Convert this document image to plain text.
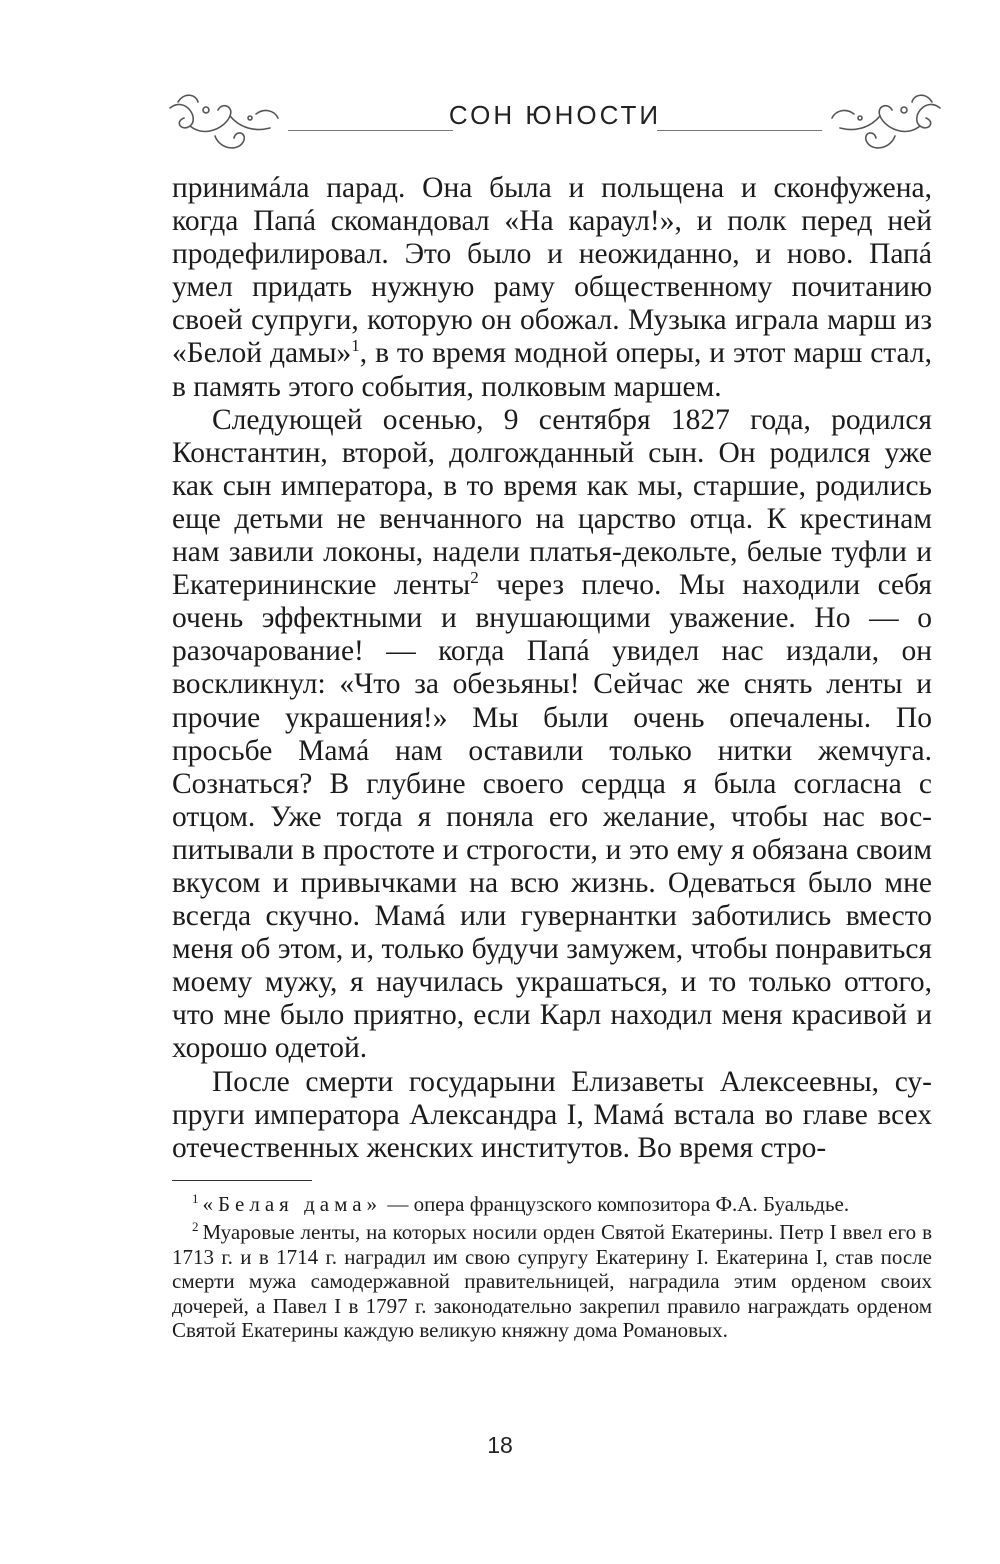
СОН ЮНОСТИ

принимáла парад. Она была и польщена и сконфужена, когда Папá скомандовал «На караул!», и полк перед ней продефилировал. Это было и неожиданно, и ново. Папá умел придать нужную раму общественному почитанию своей супруги, которую он обожал. Музыка играла марш из «Белой дамы»$^1$, в то время модной оперы, и этот марш стал, в память этого события, полковым маршем.

Следующей осенью, 9 сентября 1827 года, родился Константин, второй, долгожданный сын. Он родился уже как сын императора, в то время как мы, старшие, родились еще детьми не венчанного на царство отца. К крестинам нам завили локоны, надели платья-декольте, белые туфли и Екатерининские ленты$^2$ через плечо. Мы находили себя очень эффектными и внушающими уважение. Но — о разочарование! — когда Папá увидел нас издали, он воскликнул: «Что за обезьяны! Сейчас же снять ленты и прочие украшения!» Мы были очень опечалены. По просьбе Мамá нам оставили только нитки жемчуга. Сознаться? В глубине своего сердца я была согласна с отцом. Уже тогда я поняла его желание, чтобы нас воспитывали в простоте и строгости, и это ему я обязана своим вкусом и привычками на всю жизнь. Одеваться было мне всегда скучно. Мамá или гувернантки заботились вместо меня об этом, и, только будучи замужем, чтобы понравиться моему мужу, я научилась украшаться, и то только оттого, что мне было приятно, если Карл находил меня красивой и хорошо одетой.

После смерти государыни Елизаветы Алексеевны, супруги императора Александра I, Мамá встала во главе всех отечественных женских институтов. Во время стро-

$^1$ «Белая дама» — опера французского композитора Ф.А. Буальдье.

$^2$ Муаровые ленты, на которых носили орден Святой Екатерины. Петр I ввел его в 1713 г. и в 1714 г. наградил им свою супругу Екатерину I. Екатерина I, став после смерти мужа самодержавной правительницей, наградила этим орденом своих дочерей, а Павел I в 1797 г. законодательно закрепил правило награждать орденом Святой Екатерины каждую великую княжну дома Романовых.

18
